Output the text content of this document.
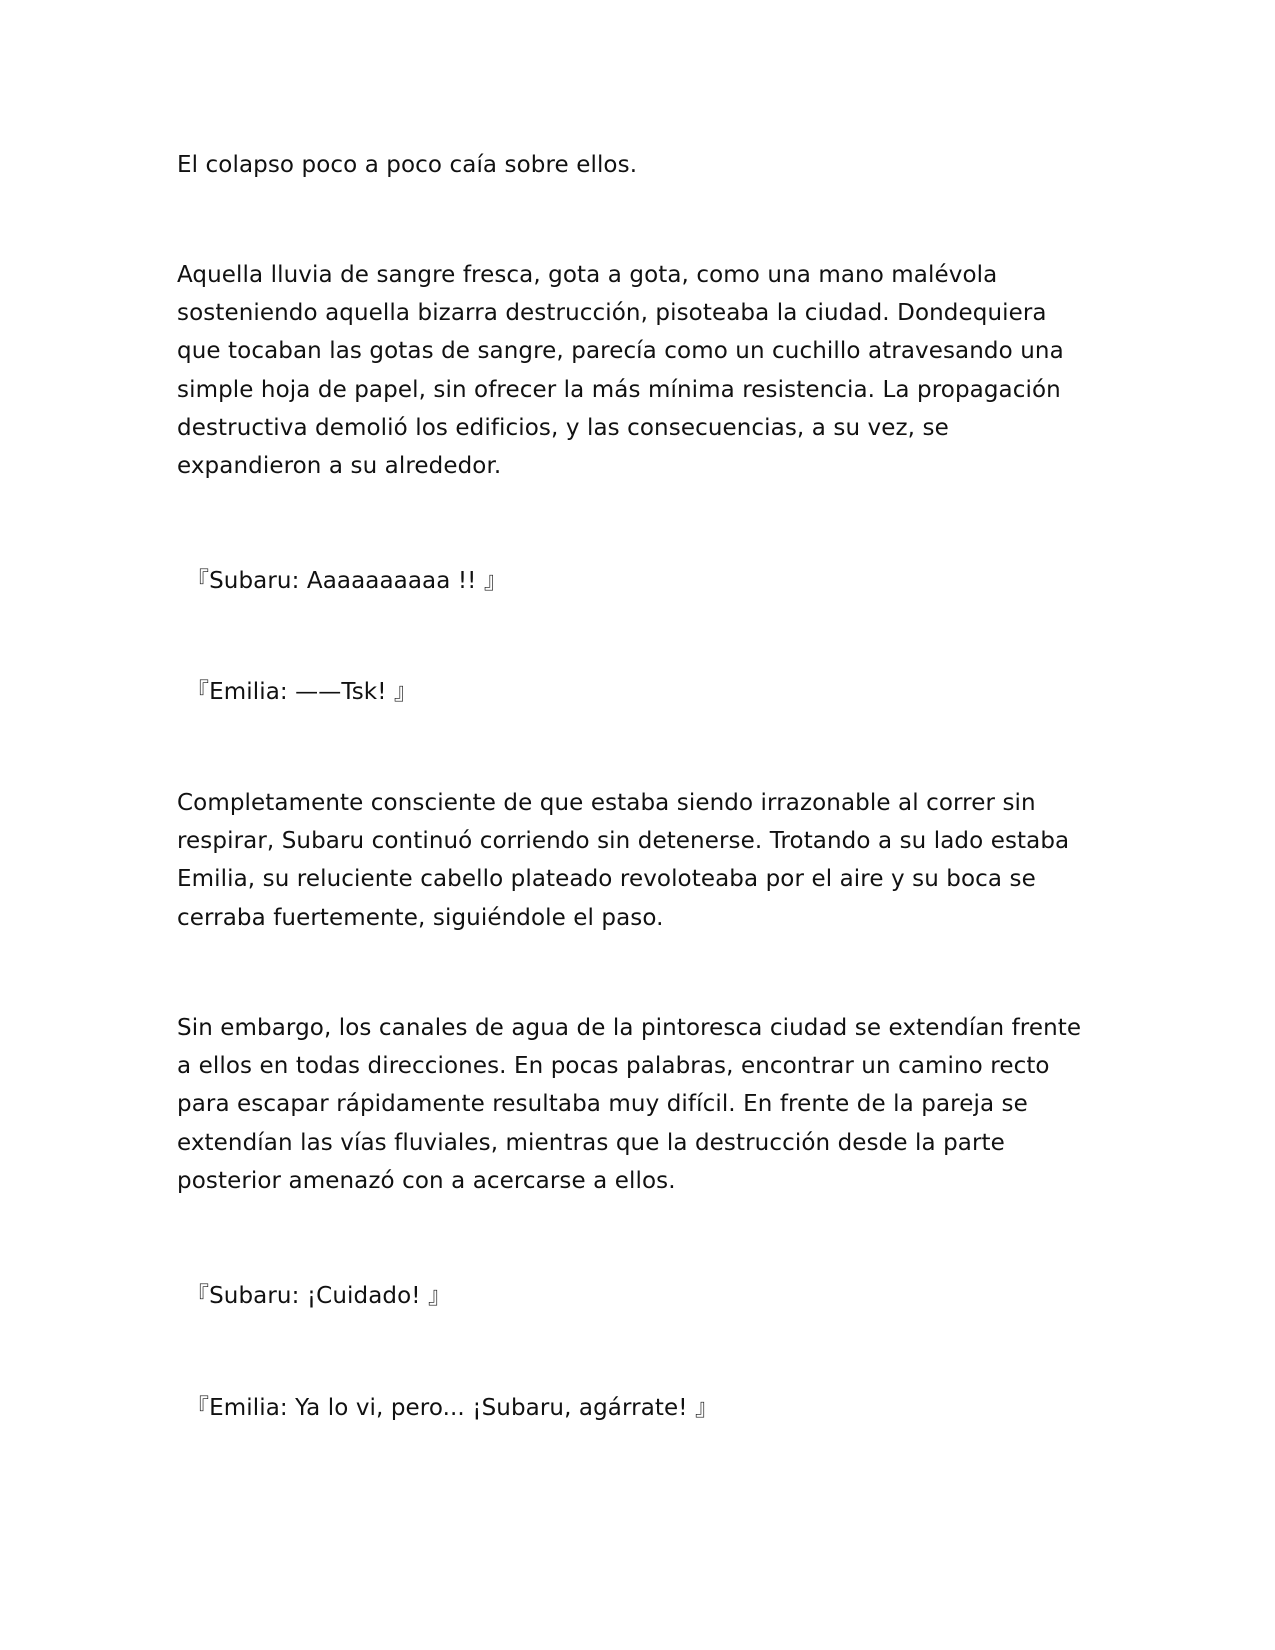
El colapso poco a poco caía sobre ellos.
Aquella lluvia de sangre fresca, gota a gota, como una mano malévola
sosteniendo aquella bizarra destrucción, pisoteaba la ciudad. Dondequiera
que tocaban las gotas de sangre, parecía como un cuchillo atravesando una
simple hoja de papel, sin ofrecer la más mínima resistencia. La propagación
destructiva demolió los edificios, y las consecuencias, a su vez, se
expandieron a su alrededor.
『Subaru: Aaaaaaaaaa !! 』
『Emilia: ——Tsk! 』
Completamente consciente de que estaba siendo irrazonable al correr sin
respirar, Subaru continuó corriendo sin detenerse. Trotando a su lado estaba
Emilia, su reluciente cabello plateado revoloteaba por el aire y su boca se
cerraba fuertemente, siguiéndole el paso.
Sin embargo, los canales de agua de la pintoresca ciudad se extendían frente
a ellos en todas direcciones. En pocas palabras, encontrar un camino recto
para escapar rápidamente resultaba muy difícil. En frente de la pareja se
extendían las vías fluviales, mientras que la destrucción desde la parte
posterior amenazó con a acercarse a ellos.
『Subaru: ¡Cuidado! 』
『Emilia: Ya lo vi, pero... ¡Subaru, agárrate! 』
